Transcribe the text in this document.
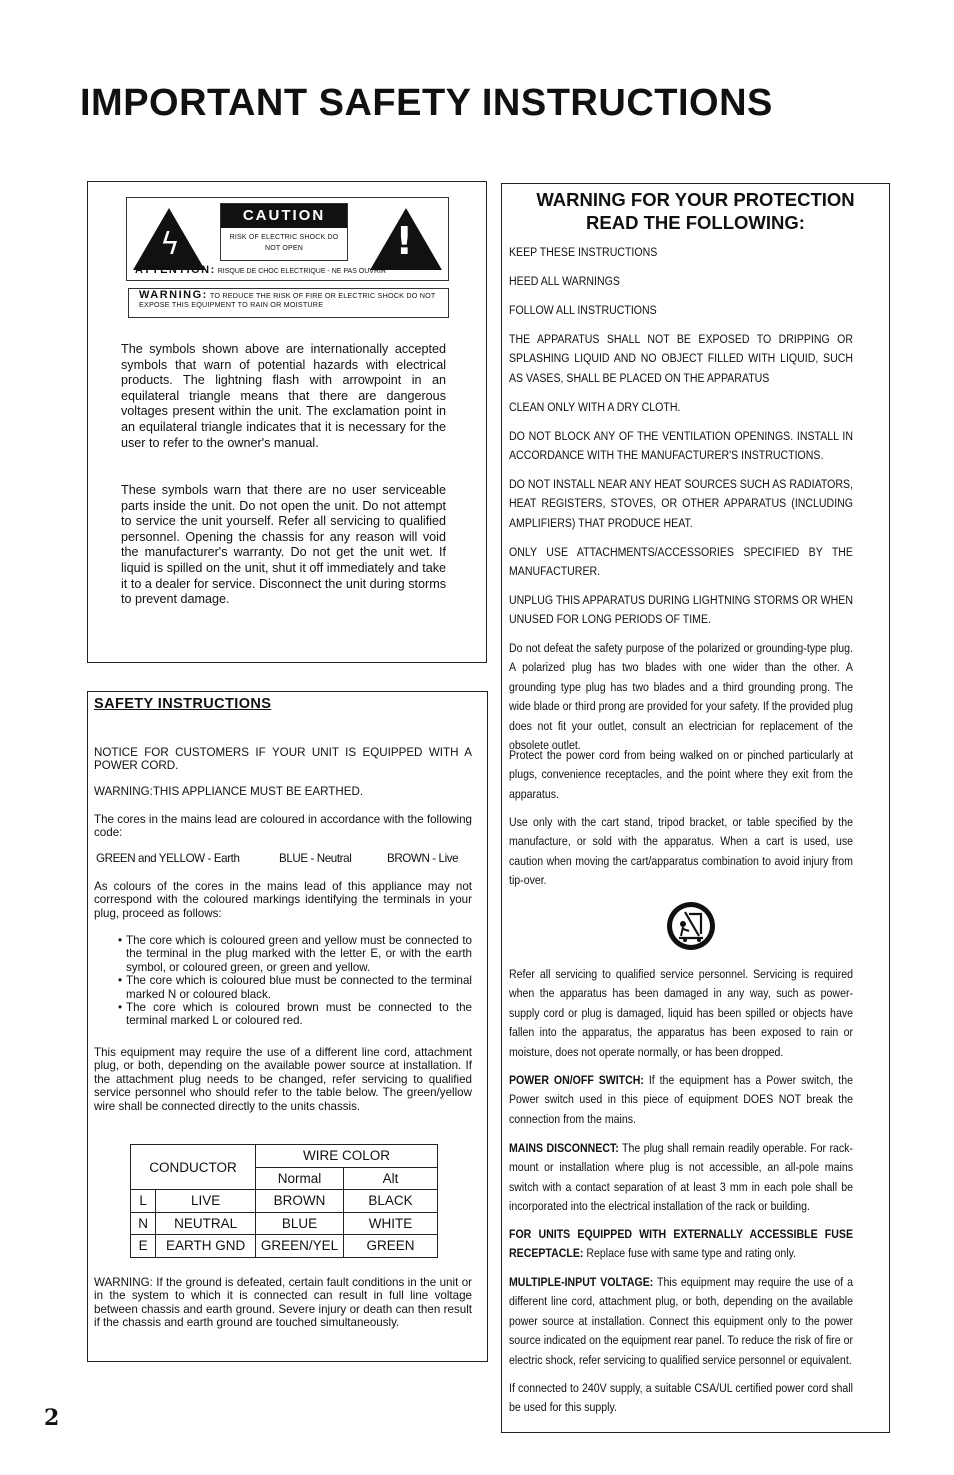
IMPORTANT SAFETY INSTRUCTIONS
ϟ
CAUTION
RISK OF ELECTRIC SHOCK DO NOT OPEN	!
ATTENTION: RISQUE DE CHOC ELECTRIQUE - NE PAS OUVRIR
WARNING: TO REDUCE THE RISK OF FIRE OR ELECTRIC SHOCK DO NOT EXPOSE THIS EQUIPMENT TO RAIN OR MOISTURE

The symbols shown above are internationally accepted symbols that warn of potential hazards with electrical products. The lightning flash with arrowpoint in an equilateral triangle means that there are dangerous voltages present within the unit. The exclamation point in an equilateral triangle indicates that it is necessary for the user to refer to the owner's manual.

These symbols warn that there are no user serviceable parts inside the unit. Do not open the unit. Do not attempt to service the unit yourself. Refer all servicing to qualified personnel. Opening the chassis for any reason will void the manufacturer's warranty. Do not get the unit wet. If liquid is spilled on the unit, shut it off immediately and take it to a dealer for service. Disconnect the unit during storms to prevent damage.

SAFETY INSTRUCTIONS

NOTICE FOR CUSTOMERS IF YOUR UNIT IS EQUIPPED WITH A POWER CORD.

WARNING:THIS APPLIANCE MUST BE EARTHED.

The cores in the mains lead are coloured in accordance with the following code:

GREEN and YELLOW - Earth	BLUE - Neutral	BROWN - Live

As colours of the cores in the mains lead of this appliance may not correspond with the coloured markings identifying the terminals in your plug, proceed as follows:

• The core which is coloured green and yellow must be connected to the terminal in the plug marked with the letter E, or with the earth symbol, or coloured green, or green and yellow.
• The core which is coloured blue must be connected to the terminal marked N or coloured black.
• The core which is coloured brown must be connected to the terminal marked L or coloured red.

This equipment may require the use of a different line cord, attachment plug, or both, depending on the available power source at installation. If the attachment plug needs to be changed, refer servicing to qualified service personnel who should refer to the table below. The green/yellow wire shall be connected directly to the units chassis.

CONDUCTOR		WIRE COLOR	
		Normal	Alt
L	LIVE	BROWN	BLACK
N	NEUTRAL	BLUE	WHITE
E	EARTH GND	GREEN/YEL	GREEN

WARNING: If the ground is defeated, certain fault conditions in the unit or in the system to which it is connected can result in full line voltage between chassis and earth ground. Severe injury or death can then result if the chassis and earth ground are touched simultaneously.

WARNING FOR YOUR PROTECTION
READ THE FOLLOWING:

KEEP THESE INSTRUCTIONS

HEED ALL WARNINGS

FOLLOW ALL INSTRUCTIONS

THE APPARATUS SHALL NOT BE EXPOSED TO DRIPPING OR SPLASHING LIQUID AND NO OBJECT FILLED WITH LIQUID, SUCH AS VASES, SHALL BE PLACED ON THE APPARATUS

CLEAN ONLY WITH A DRY CLOTH.

DO NOT BLOCK ANY OF THE VENTILATION OPENINGS. INSTALL IN ACCORDANCE WITH THE MANUFACTURER'S INSTRUCTIONS.

DO NOT INSTALL NEAR ANY HEAT SOURCES SUCH AS RADIATORS, HEAT REGISTERS, STOVES, OR OTHER APPARATUS (INCLUDING AMPLIFIERS) THAT PRODUCE HEAT.

ONLY USE ATTACHMENTS/ACCESSORIES SPECIFIED BY THE MANUFACTURER.

UNPLUG THIS APPARATUS DURING LIGHTNING STORMS OR WHEN UNUSED FOR LONG PERIODS OF TIME.

Do not defeat the safety purpose of the polarized or grounding-type plug. A polarized plug has two blades with one wider than the other. A grounding type plug has two blades and a third grounding prong. The wide blade or third prong are provided for your safety. If the provided plug does not fit your outlet, consult an electrician for replacement of the obsolete outlet.

Protect the power cord from being walked on or pinched particularly at plugs, convenience receptacles, and the point where they exit from the apparatus.

Use only with the cart stand, tripod bracket, or table specified by the manufacture, or sold with the apparatus. When a cart is used, use caution when moving the cart/apparatus combination to avoid injury from tip-over.

Refer all servicing to qualified service personnel. Servicing is required when the apparatus has been damaged in any way, such as power-supply cord or plug is damaged, liquid has been spilled or objects have fallen into the apparatus, the apparatus has been exposed to rain or moisture, does not operate normally, or has been dropped.

POWER ON/OFF SWITCH: If the equipment has a Power switch, the Power switch used in this piece of equipment DOES NOT break the connection from the mains.

MAINS DISCONNECT: The plug shall remain readily operable. For rack-mount or installation where plug is not accessible, an all-pole mains switch with a contact separation of at least 3 mm in each pole shall be incorporated into the electrical installation of the rack or building.

FOR UNITS EQUIPPED WITH EXTERNALLY ACCESSIBLE FUSE RECEPTACLE: Replace fuse with same type and rating only.

MULTIPLE-INPUT VOLTAGE: This equipment may require the use of a different line cord, attachment plug, or both, depending on the available power source at installation. Connect this equipment only to the power source indicated on the equipment rear panel. To reduce the risk of fire or electric shock, refer servicing to qualified service personnel or equivalent.

If connected to 240V supply, a suitable CSA/UL certified power cord shall be used for this supply.

2
